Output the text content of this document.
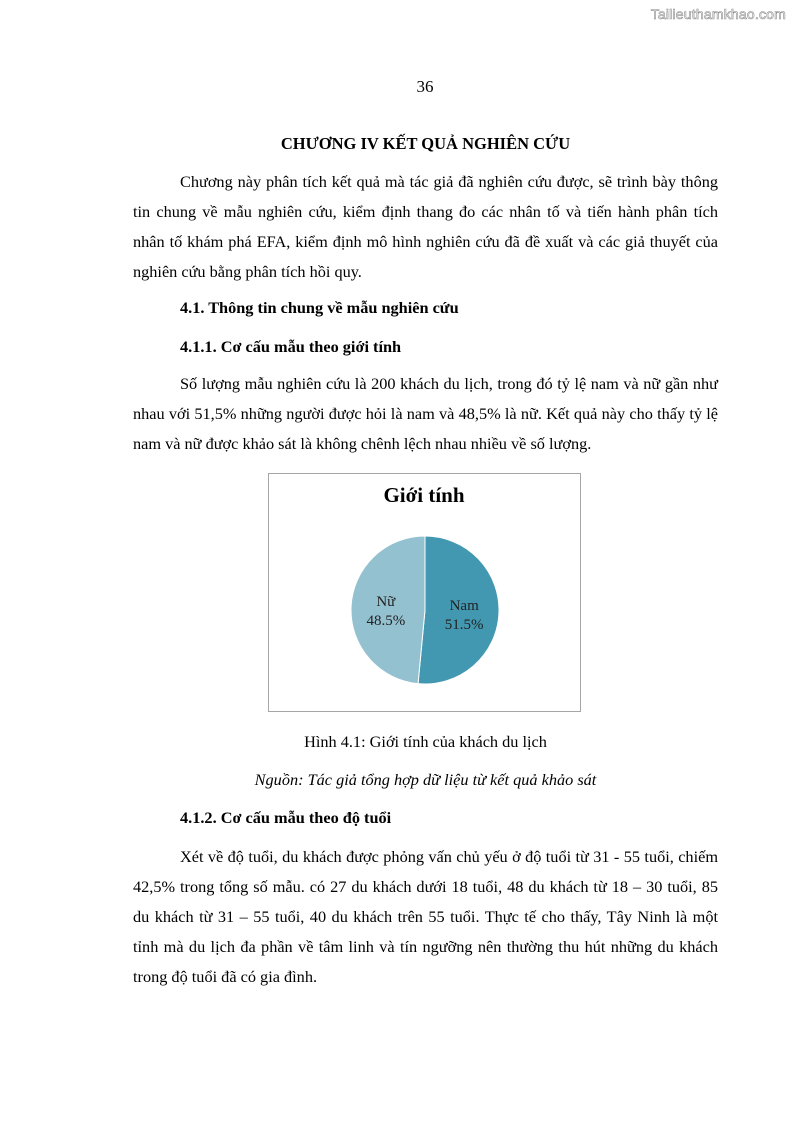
Tailieuthamkhao.com
36
CHƯƠNG IV KẾT QUẢ NGHIÊN CỨU

Chương này phân tích kết quả mà tác giả đã nghiên cứu được, sẽ trình bày thông tin chung về mẫu nghiên cứu, kiểm định thang đo các nhân tố và tiến hành phân tích nhân tố khám phá EFA, kiểm định mô hình nghiên cứu đã đề xuất và các giả thuyết của nghiên cứu bằng phân tích hồi quy.

4.1. Thông tin chung về mẫu nghiên cứu

4.1.1. Cơ cấu mẫu theo giới tính

Số lượng mẫu nghiên cứu là 200 khách du lịch, trong đó tỷ lệ nam và nữ gần như nhau với 51,5% những người được hỏi là nam và 48,5% là nữ. Kết quả này cho thấy tỷ lệ nam và nữ được khảo sát là không chênh lệch nhau nhiều về số lượng.

Giới tính
Nam
51.5%
Nữ
48.5%
Hình 4.1: Giới tính của khách du lịch
Nguồn: Tác giả tổng hợp dữ liệu từ kết quả khảo sát

4.1.2. Cơ cấu mẫu theo độ tuổi

Xét về độ tuổi, du khách được phỏng vấn chủ yếu ở độ tuổi từ 31 - 55 tuổi, chiếm 42,5% trong tổng số mẫu. có 27 du khách dưới 18 tuổi, 48 du khách từ 18 – 30 tuổi, 85 du khách từ 31 – 55 tuổi, 40 du khách trên 55 tuổi. Thực tế cho thấy, Tây Ninh là một tỉnh mà du lịch đa phần về tâm linh và tín ngưỡng nên thường thu hút những du khách trong độ tuổi đã có gia đình.
